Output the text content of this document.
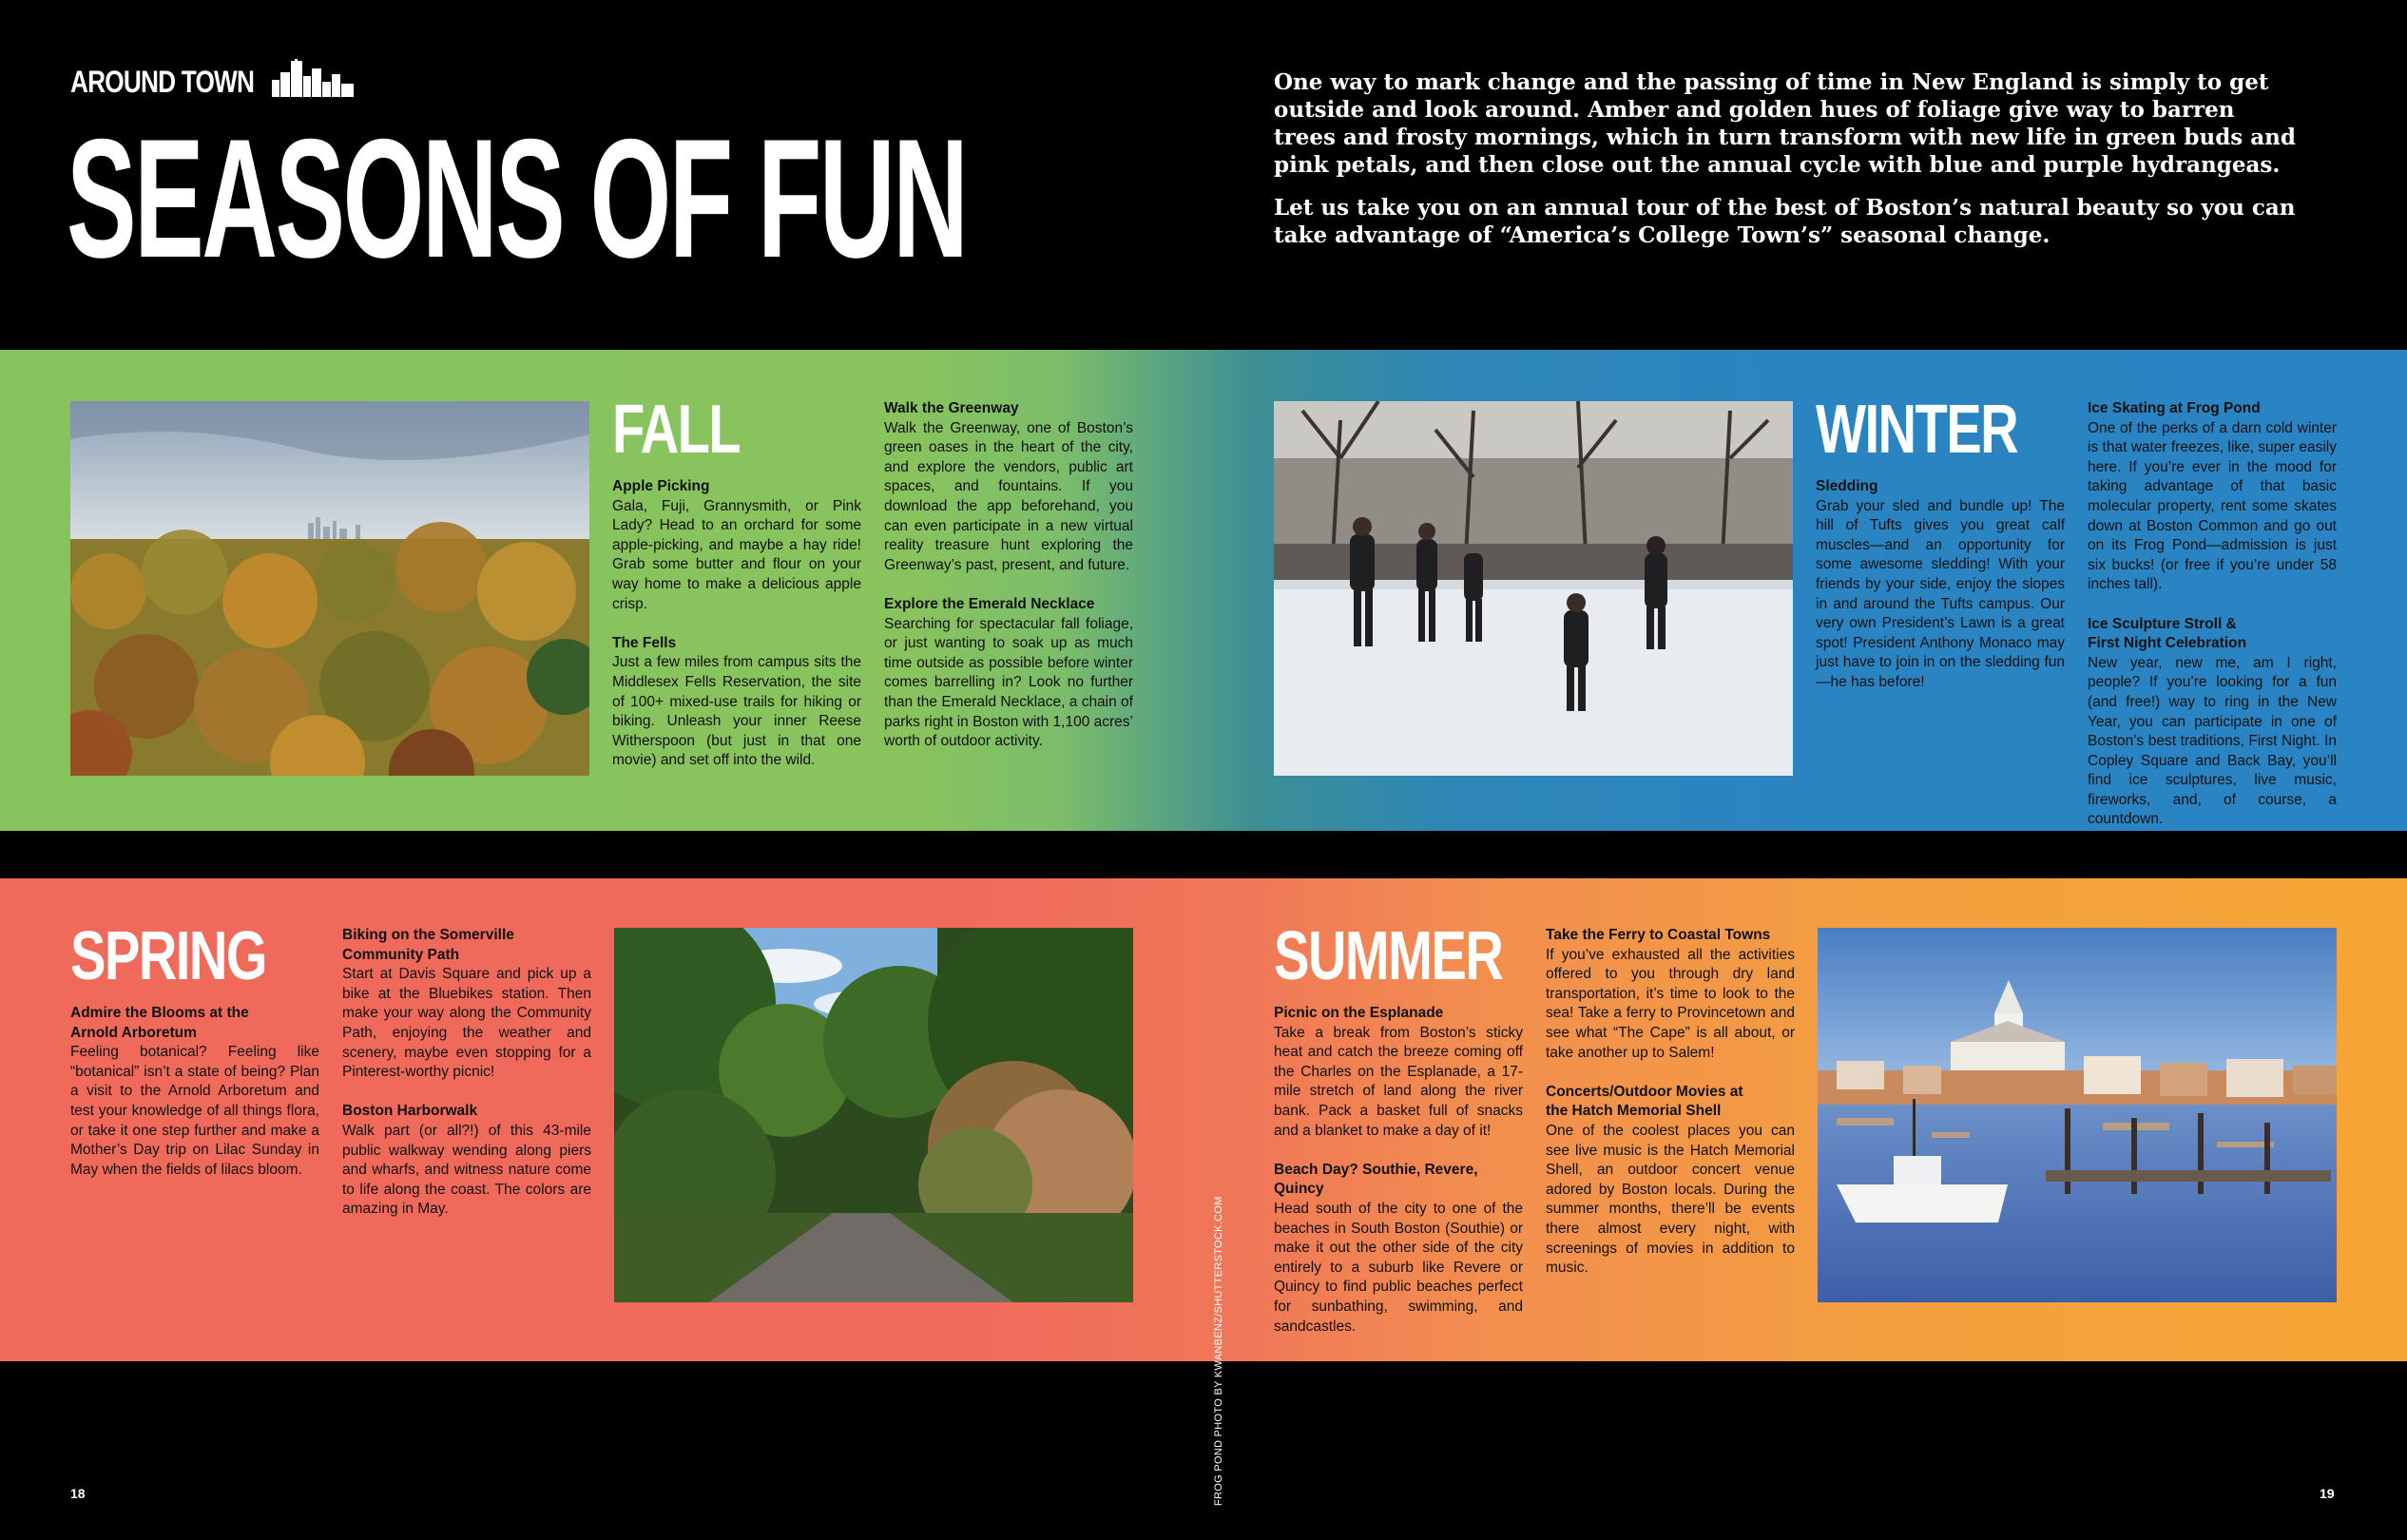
AROUND TOWN
SEASONS OF FUN

One way to mark change and the passing of time in New England is simply to get outside and look around. Amber and golden hues of foliage give way to barren trees and frosty mornings, which in turn transform with new life in green buds and pink petals, and then close out the annual cycle with blue and purple hydrangeas.

Let us take you on an annual tour of the best of Boston’s natural beauty so you can take advantage of “America’s College Town’s” seasonal change.

FALL
Apple Picking

Gala, Fuji, Grannysmith, or Pink Lady? Head to an orchard for some apple-picking, and maybe a hay ride! Grab some butter and flour on your way home to make a delicious apple crisp.

The Fells

Just a few miles from campus sits the Middlesex Fells Reservation, the site of 100+ mixed-use trails for hiking or biking. Unleash your inner Reese Witherspoon (but just in that one movie) and set off into the wild.

Walk the Greenway

Walk the Greenway, one of Boston’s green oases in the heart of the city, and explore the vendors, public art spaces, and fountains. If you download the app beforehand, you can even participate in a new virtual reality treasure hunt exploring the Greenway’s past, present, and future.

Explore the Emerald Necklace

Searching for spectacular fall foliage, or just wanting to soak up as much time outside as possible before winter comes barrelling in? Look no further than the Emerald Necklace, a chain of parks right in Boston with 1,100 acres’ worth of outdoor activity.

WINTER
Sledding

Grab your sled and bundle up! The hill of Tufts gives you great calf muscles—and an opportunity for some awesome sledding! With your friends by your side, enjoy the slopes in and around the Tufts campus. Our very own President’s Lawn is a great spot! President Anthony Monaco may just have to join in on the sledding fun—he has before!

Ice Skating at Frog Pond

One of the perks of a darn cold winter is that water freezes, like, super easily here. If you’re ever in the mood for taking advantage of that basic molecular property, rent some skates down at Boston Common and go out on its Frog Pond—admission is just six bucks! (or free if you’re under 58 inches tall).

Ice Sculpture Stroll &
First Night Celebration

New year, new me, am I right, people? If you’re looking for a fun (and free!) way to ring in the New Year, you can participate in one of Boston’s best traditions, First Night. In Copley Square and Back Bay, you’ll find ice sculptures, live music, fireworks, and, of course, a countdown.

SPRING
Admire the Blooms at the
Arnold Arboretum

Feeling botanical? Feeling like “botanical” isn’t a state of being? Plan a visit to the Arnold Arboretum and test your knowledge of all things flora, or take it one step further and make a Mother’s Day trip on Lilac Sunday in May when the fields of lilacs bloom.

Biking on the Somerville
Community Path

Start at Davis Square and pick up a bike at the Bluebikes station. Then make your way along the Community Path, enjoying the weather and scenery, maybe even stopping for a Pinterest-worthy picnic!

Boston Harborwalk

Walk part (or all?!) of this 43-mile public walkway wending along piers and wharfs, and witness nature come to life along the coast. The colors are amazing in May.

SUMMER
Picnic on the Esplanade

Take a break from Boston’s sticky heat and catch the breeze coming off the Charles on the Esplanade, a 17-mile stretch of land along the river bank. Pack a basket full of snacks and a blanket to make a day of it!

Beach Day? Southie, Revere, Quincy

Head south of the city to one of the beaches in South Boston (Southie) or make it out the other side of the city entirely to a suburb like Revere or Quincy to find public beaches perfect for sunbathing, swimming, and sandcastles.

Take the Ferry to Coastal Towns

If you’ve exhausted all the activities offered to you through dry land transportation, it’s time to look to the sea! Take a ferry to Provincetown and see what “The Cape” is all about, or take another up to Salem!

Concerts/Outdoor Movies at
the Hatch Memorial Shell

One of the coolest places you can see live music is the Hatch Memorial Shell, an outdoor concert venue adored by Boston locals. During the summer months, there’ll be events there almost every night, with screenings of movies in addition to music.

FROG POND PHOTO BY KWANBENZ/SHUTTERSTOCK.COM
18	19
